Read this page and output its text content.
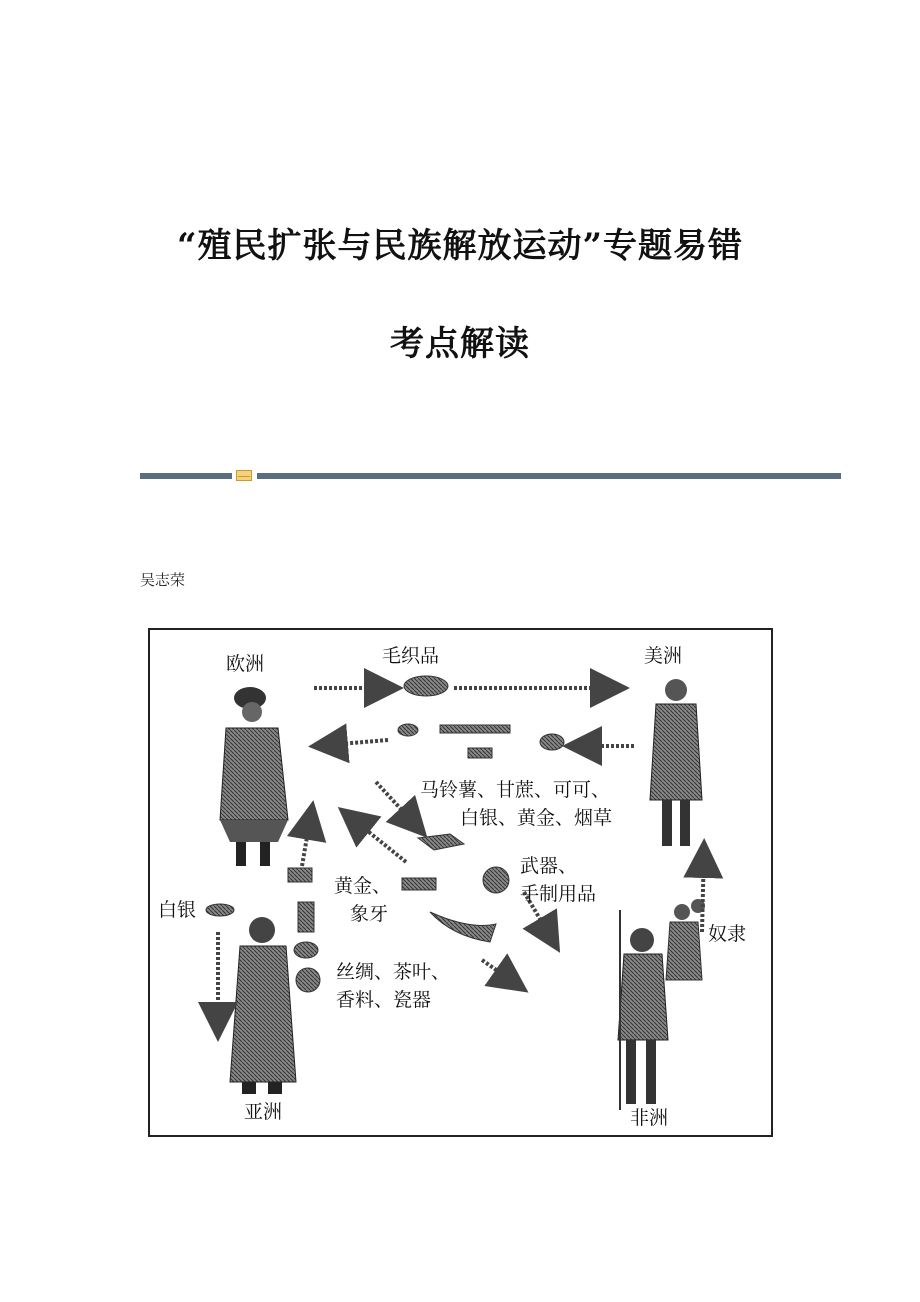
“殖民扩张与民族解放运动”专题易错
考点解读
吴志荣
欧洲	美洲
亚洲	非洲
毛织品
马铃薯、甘蔗、可可、
白银、黄金、烟草
武器、
手制用品
黄金、
象牙
白银
奴隶
丝绸、茶叶、
香料、瓷器
